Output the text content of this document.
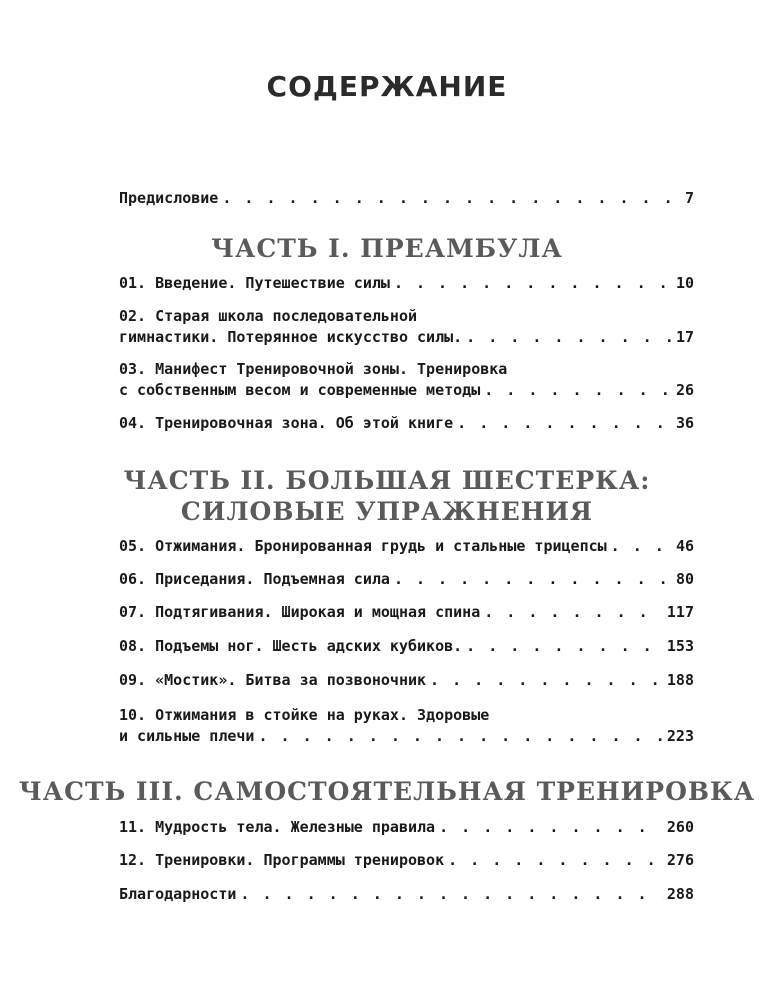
СОДЕРЖАНИЕ
Предисловие . . .	7
ЧАСТЬ I. ПРЕАМБУЛА
01. Введение. Путешествие силы . . .	10
02. Старая школа последовательной
гимнастики. Потерянное искусство силы. . . .	17
03. Манифест Тренировочной зоны. Тренировка
с собственным весом и современные методы . . .	26
04. Тренировочная зона. Об этой книге . . .	36
ЧАСТЬ II. БОЛЬШАЯ ШЕСТЕРКА:
СИЛОВЫЕ УПРАЖНЕНИЯ
05. Отжимания. Бронированная грудь и стальные трицепсы . . .	46
06. Приседания. Подъемная сила . . .	80
07. Подтягивания. Широкая и мощная спина . . .	117
08. Подъемы ног. Шесть адских кубиков. . . .	153
09. «Мостик». Битва за позвоночник . . .	188
10. Отжимания в стойке на руках. Здоровые
и сильные плечи . . .	223
ЧАСТЬ III. САМОСТОЯТЕЛЬНАЯ ТРЕНИРОВКА
11. Мудрость тела. Железные правила . . .	260
12. Тренировки. Программы тренировок . . .	276
Благодарности . . .	288
